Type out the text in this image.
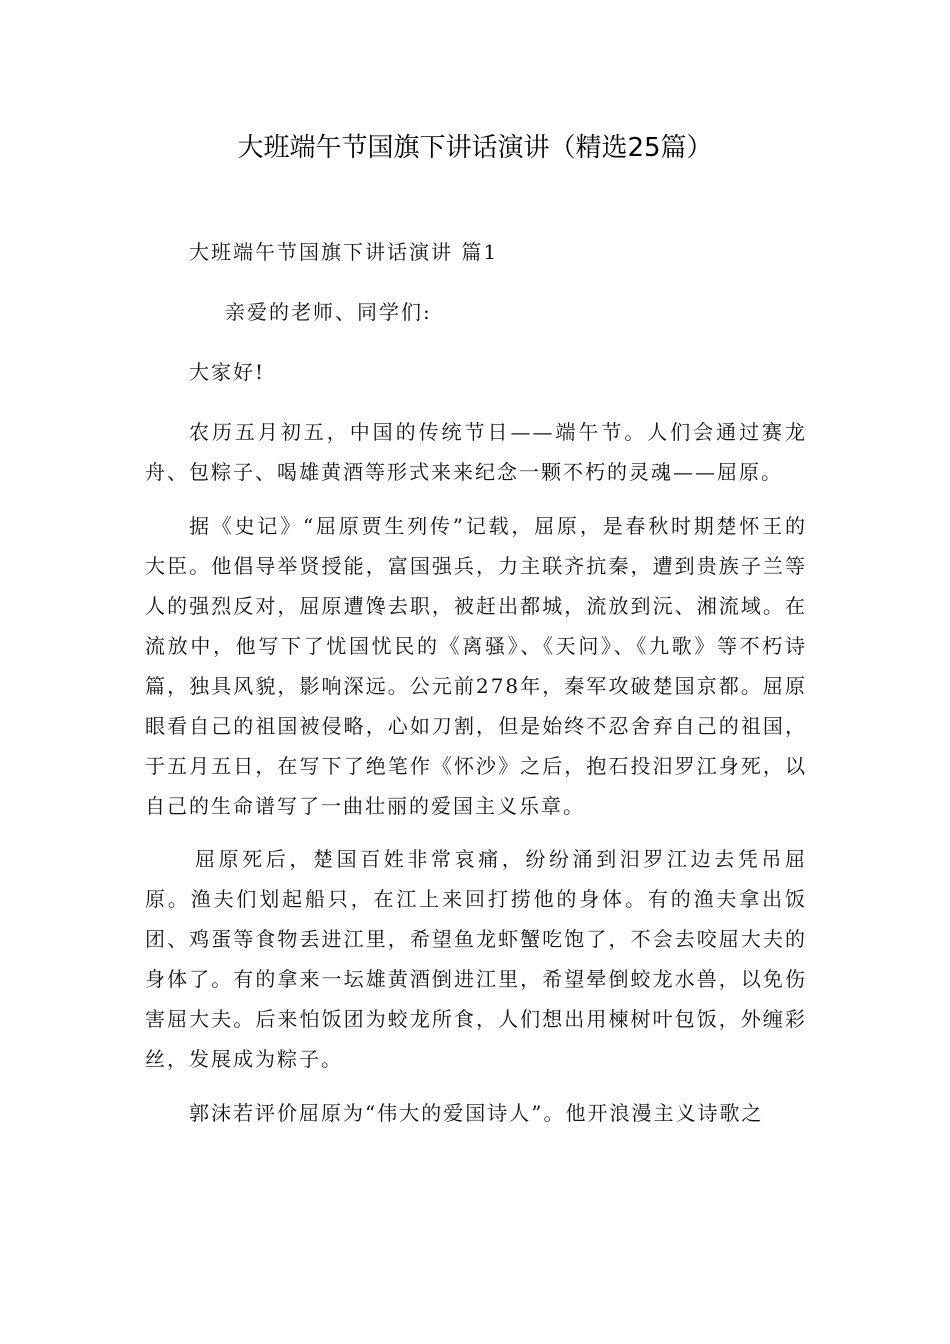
大班端午节国旗下讲话演讲（精选25篇）

大班端午节国旗下讲话演讲 篇1

亲爱的老师、同学们:

大家好!

农历五月初五，中国的传统节日——端午节。人们会通过赛龙舟、包粽子、喝雄黄酒等形式来来纪念一颗不朽的灵魂——屈原。

据《史记》“屈原贾生列传”记载，屈原，是春秋时期楚怀王的大臣。他倡导举贤授能，富国强兵，力主联齐抗秦，遭到贵族子兰等人的强烈反对，屈原遭馋去职，被赶出都城，流放到沅、湘流域。在流放中，他写下了忧国忧民的《离骚》、《天问》、《九歌》等不朽诗篇，独具风貌，影响深远。公元前278年，秦军攻破楚国京都。屈原眼看自己的祖国被侵略，心如刀割，但是始终不忍舍弃自己的祖国，于五月五日，在写下了绝笔作《怀沙》之后，抱石投汨罗江身死，以自己的生命谱写了一曲壮丽的爱国主义乐章。

屈原死后，楚国百姓非常哀痛，纷纷涌到汨罗江边去凭吊屈原。渔夫们划起船只，在江上来回打捞他的身体。有的渔夫拿出饭团、鸡蛋等食物丢进江里，希望鱼龙虾蟹吃饱了，不会去咬屈大夫的身体了。有的拿来一坛雄黄酒倒进江里，希望晕倒蛟龙水兽，以免伤害屈大夫。后来怕饭团为蛟龙所食，人们想出用楝树叶包饭，外缠彩丝，发展成为粽子。

郭沫若评价屈原为“伟大的爱国诗人”。他开浪漫主义诗歌之
